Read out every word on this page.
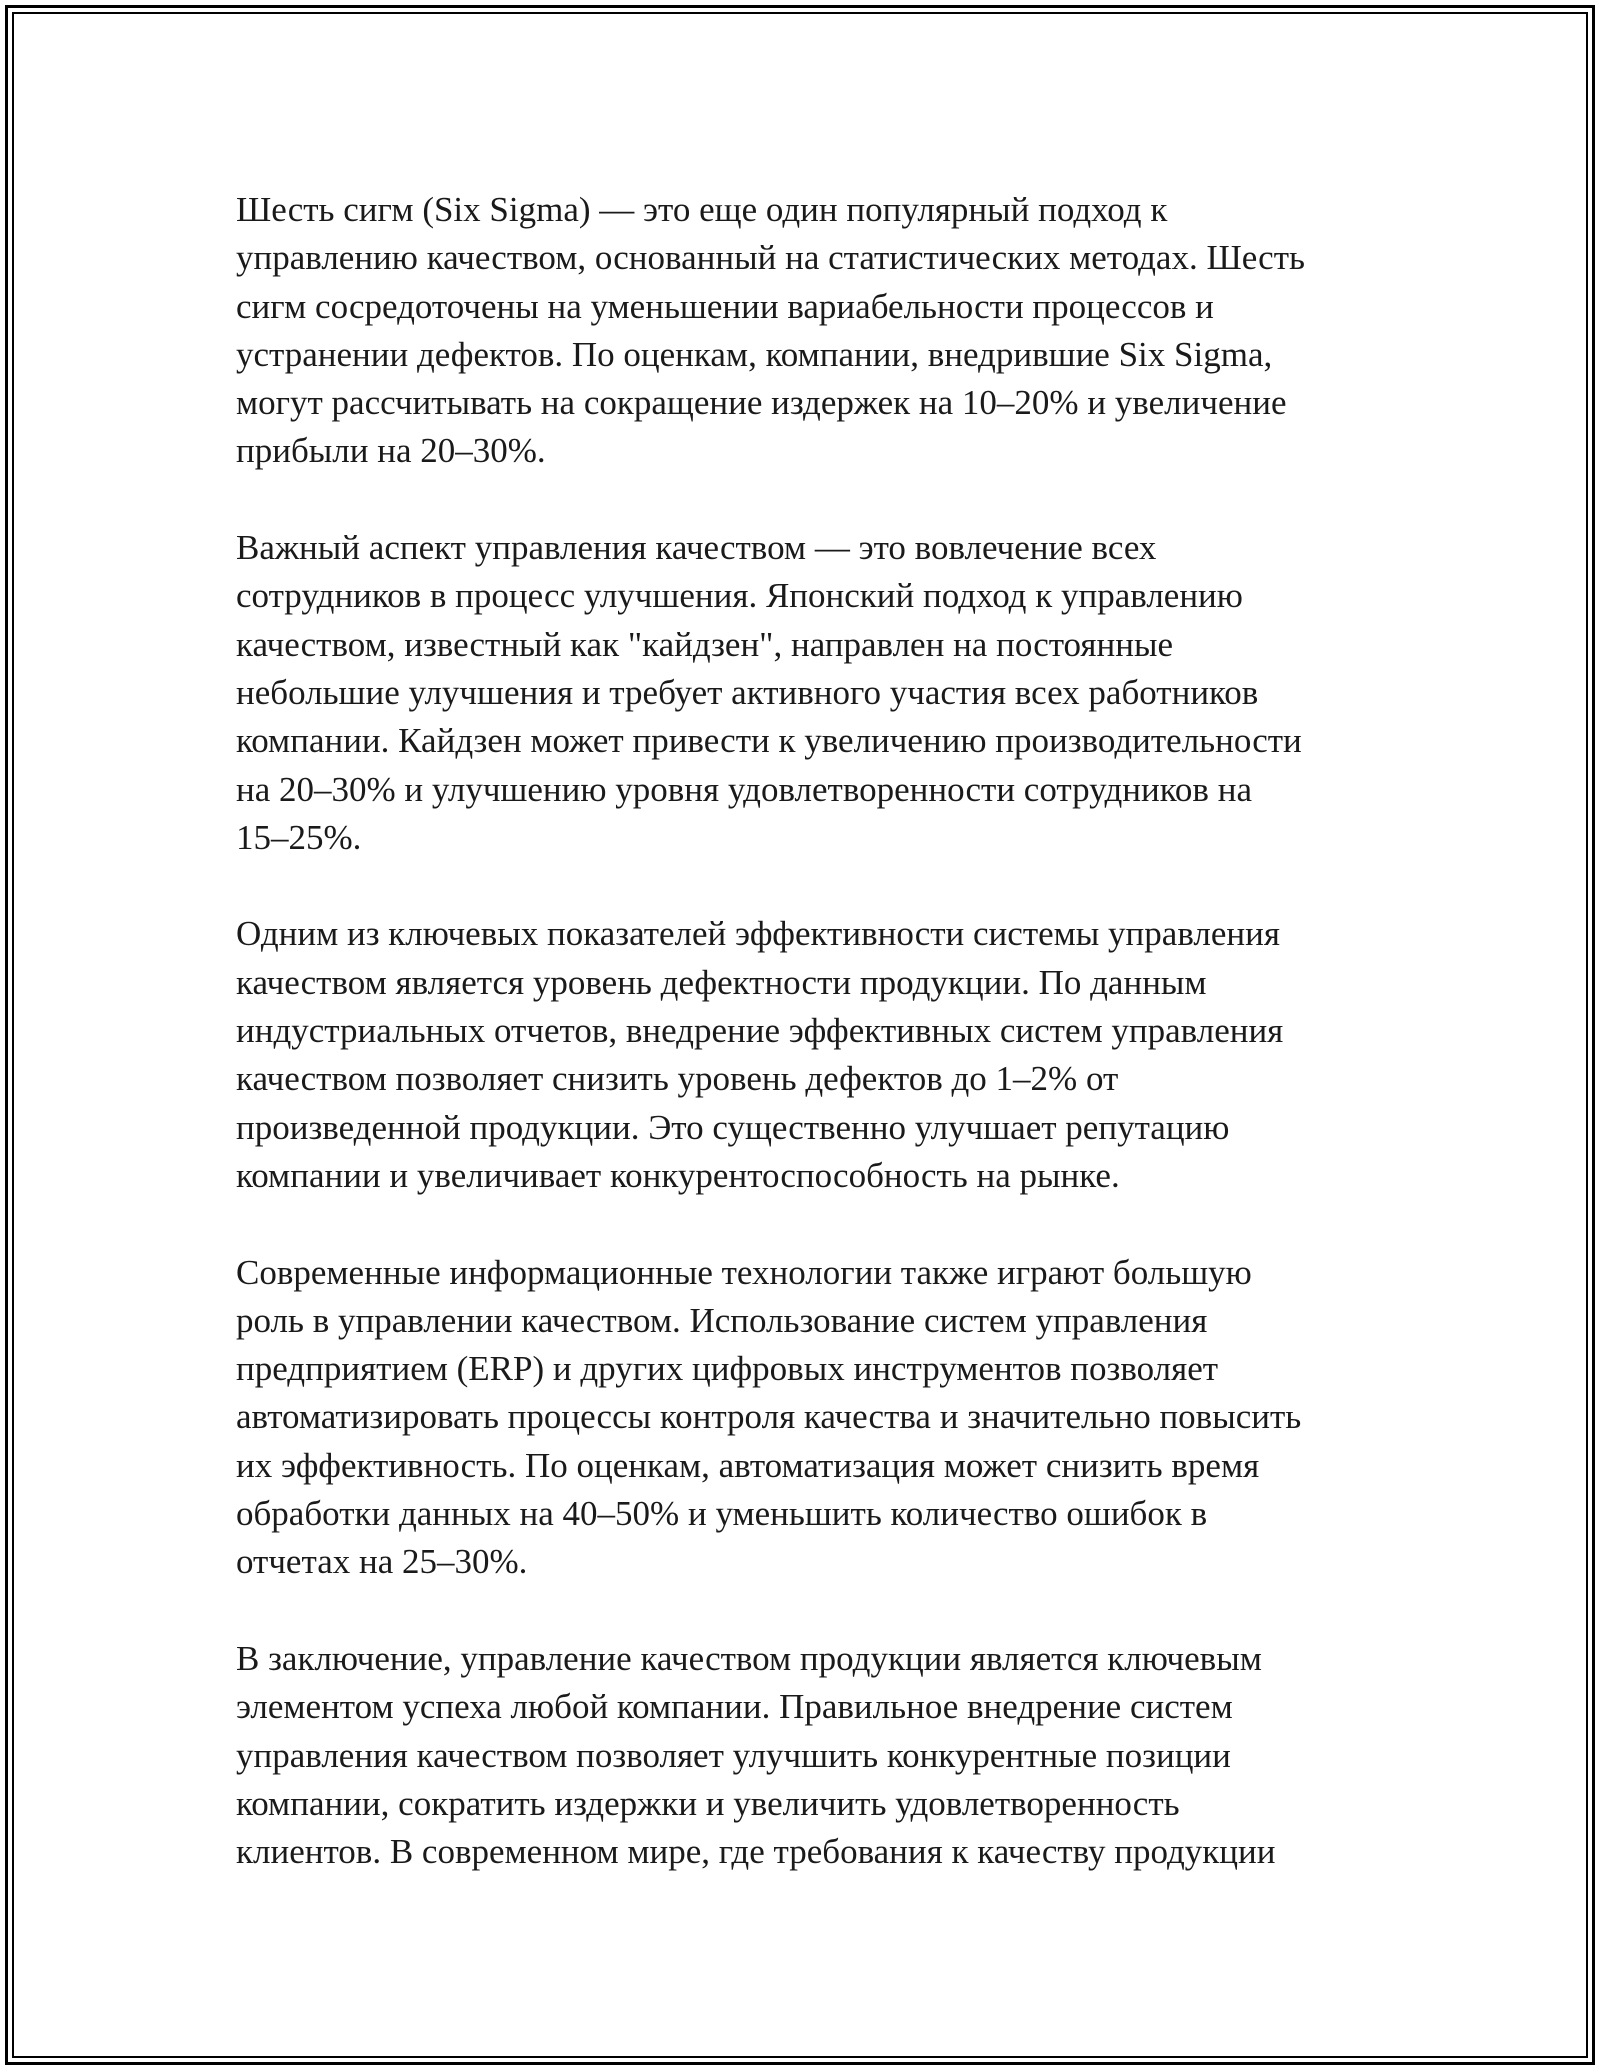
Шесть сигм (Six Sigma) — это еще один популярный подход к
управлению качеством, основанный на статистических методах. Шесть
сигм сосредоточены на уменьшении вариабельности процессов и
устранении дефектов. По оценкам, компании, внедрившие Six Sigma,
могут рассчитывать на сокращение издержек на 10–20% и увеличение
прибыли на 20–30%.

Важный аспект управления качеством — это вовлечение всех
сотрудников в процесс улучшения. Японский подход к управлению
качеством, известный как "кайдзен", направлен на постоянные
небольшие улучшения и требует активного участия всех работников
компании. Кайдзен может привести к увеличению производительности
на 20–30% и улучшению уровня удовлетворенности сотрудников на
15–25%.

Одним из ключевых показателей эффективности системы управления
качеством является уровень дефектности продукции. По данным
индустриальных отчетов, внедрение эффективных систем управления
качеством позволяет снизить уровень дефектов до 1–2% от
произведенной продукции. Это существенно улучшает репутацию
компании и увеличивает конкурентоспособность на рынке.

Современные информационные технологии также играют большую
роль в управлении качеством. Использование систем управления
предприятием (ERP) и других цифровых инструментов позволяет
автоматизировать процессы контроля качества и значительно повысить
их эффективность. По оценкам, автоматизация может снизить время
обработки данных на 40–50% и уменьшить количество ошибок в
отчетах на 25–30%.

В заключение, управление качеством продукции является ключевым
элементом успеха любой компании. Правильное внедрение систем
управления качеством позволяет улучшить конкурентные позиции
компании, сократить издержки и увеличить удовлетворенность
клиентов. В современном мире, где требования к качеству продукции
